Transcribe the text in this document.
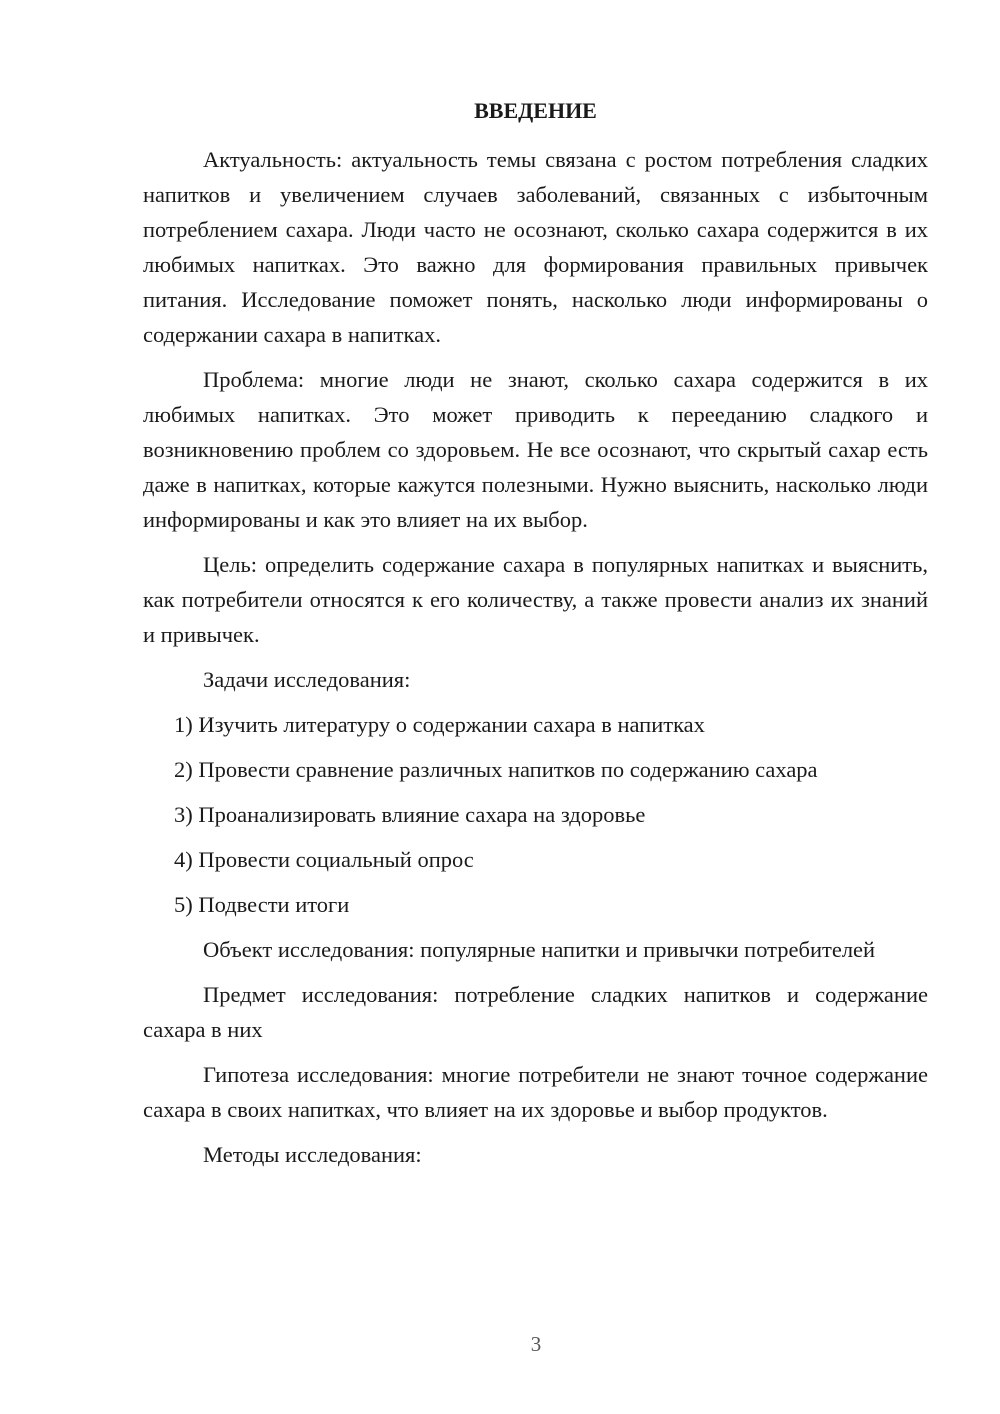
ВВЕДЕНИЕ

Актуальность: актуальность темы связана с ростом потребления сладких напитков и увеличением случаев заболеваний, связанных с избыточным потреблением сахара. Люди часто не осознают, сколько сахара содержится в их любимых напитках. Это важно для формирования правильных привычек питания. Исследование поможет понять, насколько люди информированы о содержании сахара в напитках.

Проблема: многие люди не знают, сколько сахара содержится в их любимых напитках. Это может приводить к перееданию сладкого и возникновению проблем со здоровьем. Не все осознают, что скрытый сахар есть даже в напитках, которые кажутся полезными. Нужно выяснить, насколько люди информированы и как это влияет на их выбор.

Цель: определить содержание сахара в популярных напитках и выяснить, как потребители относятся к его количеству, а также провести анализ их знаний и привычек.

Задачи исследования:

1) Изучить литературу о содержании сахара в напитках
2) Провести сравнение различных напитков по содержанию сахара
3) Проанализировать влияние сахара на здоровье
4) Провести социальный опрос
5) Подвести итоги

Объект исследования: популярные напитки и привычки потребителей

Предмет исследования: потребление сладких напитков и содержание сахара в них

Гипотеза исследования: многие потребители не знают точное содержание сахара в своих напитках, что влияет на их здоровье и выбор продуктов.

Методы исследования:

3
